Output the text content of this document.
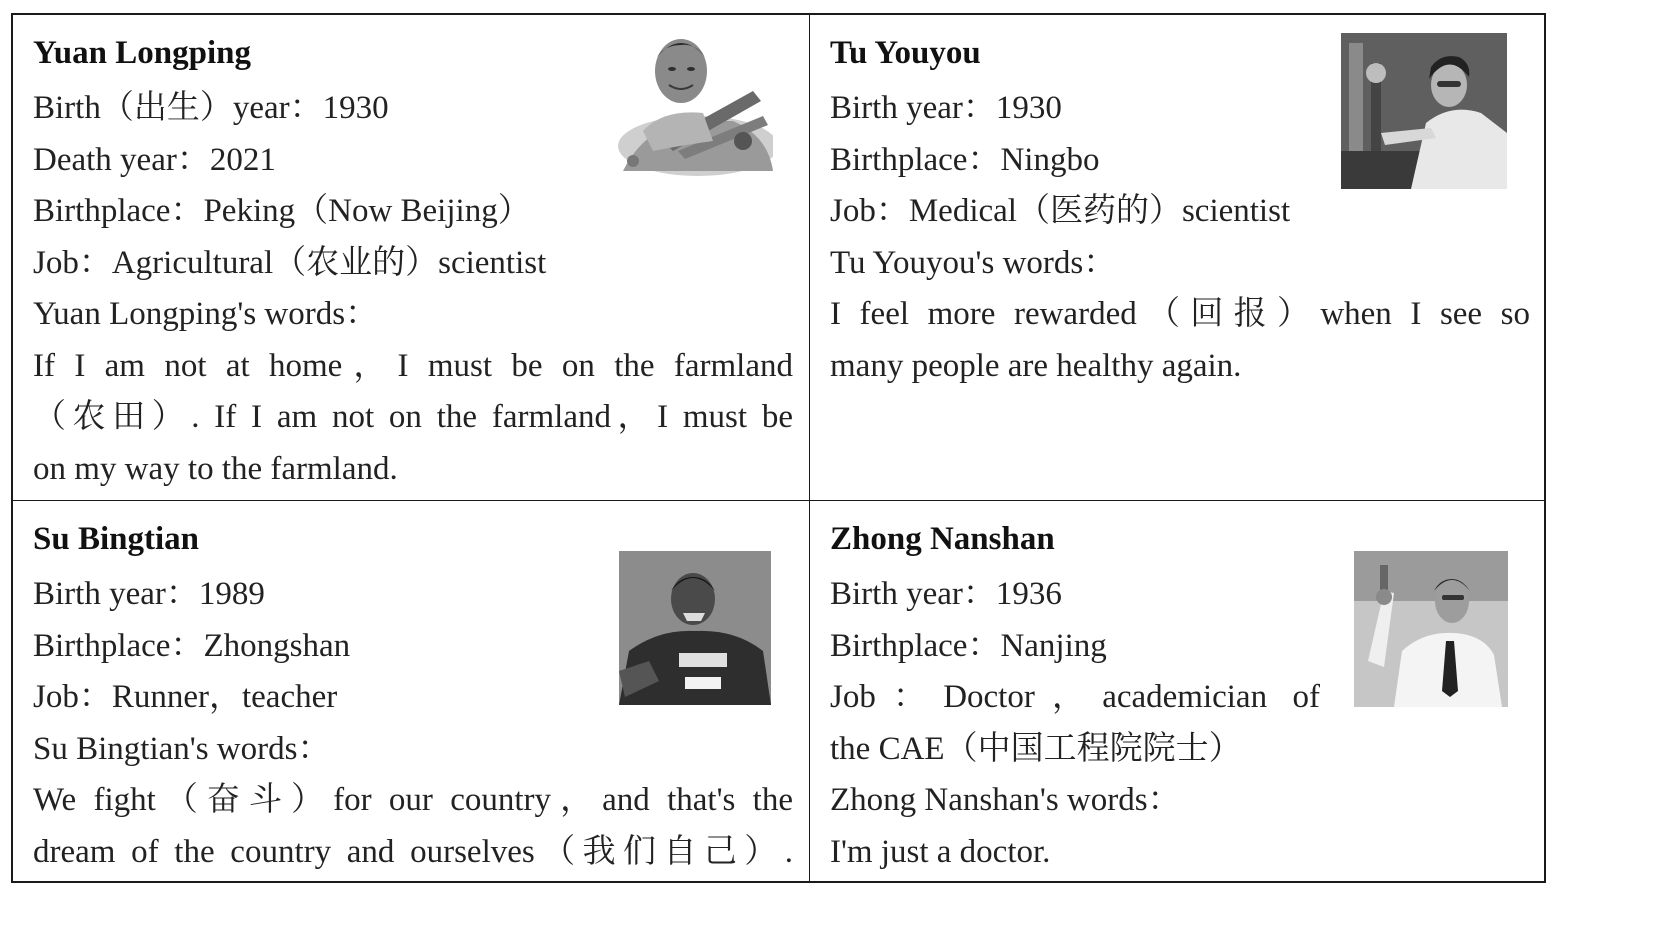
Yuan Longping
Birth（出生）year：1930
Death year：2021
Birthplace：Peking（Now Beijing）
Job：Agricultural（农业的）scientist
Yuan Longping's words：
If I am not at home，I must be on the farmland
（农田）. If I am not on the farmland，I must be
on my way to the farmland.
Tu Youyou
Birth year：1930
Birthplace：Ningbo
Job：Medical（医药的）scientist
Tu Youyou's words：
I feel more rewarded（回报）when I see so
many people are healthy again.
Su Bingtian
Birth year：1989
Birthplace：Zhongshan
Job：Runner，teacher
Su Bingtian's words：
We fight（奋斗）for our country，and that's the
dream of the country and ourselves（我们自己）.
Zhong Nanshan
Birth year：1936
Birthplace：Nanjing
Job：Doctor，academician of
the CAE（中国工程院院士）
Zhong Nanshan's words：
I'm just a doctor.
